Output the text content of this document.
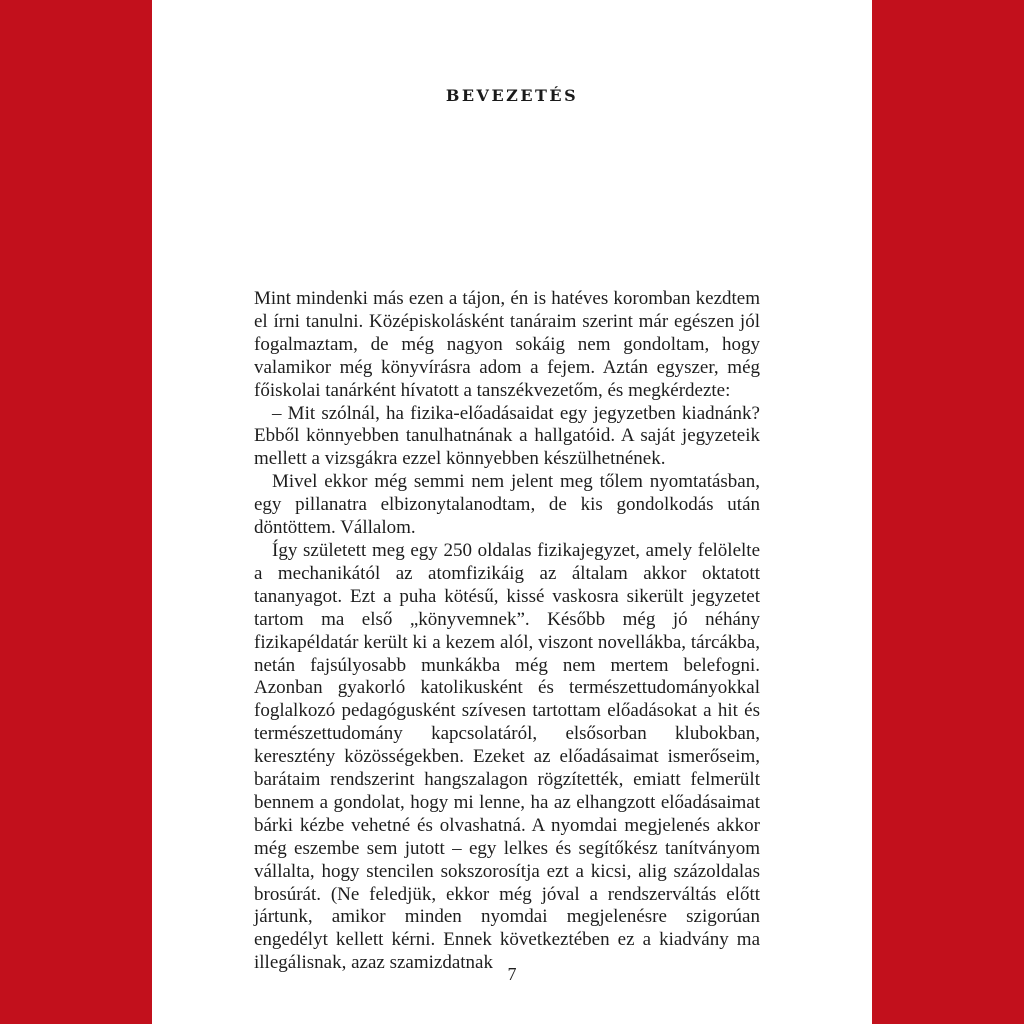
BEVEZETÉS

Mint mindenki más ezen a tájon, én is hatéves koromban kezdtem el írni tanulni. Középiskolásként tanáraim szerint már egészen jól fogalmaztam, de még nagyon sokáig nem gondoltam, hogy valamikor még könyvírásra adom a fejem. Aztán egyszer, még főiskolai tanárként hívatott a tanszékvezetőm, és megkérdezte:

– Mit szólnál, ha fizika-előadásaidat egy jegyzetben kiadnánk? Ebből könnyebben tanulhatnának a hallgatóid. A saját jegyzeteik mellett a vizsgákra ezzel könnyebben készülhetnének.

Mivel ekkor még semmi nem jelent meg tőlem nyomtatásban, egy pillanatra elbizonytalanodtam, de kis gondolkodás után döntöttem. Vállalom.

Így született meg egy 250 oldalas fizikajegyzet, amely felölelte a mechanikától az atomfizikáig az általam akkor oktatott tananyagot. Ezt a puha kötésű, kissé vaskosra sikerült jegyzetet tartom ma első „könyvemnek”. Később még jó néhány fizikapéldatár került ki a kezem alól, viszont novellákba, tárcákba, netán fajsúlyosabb munkákba még nem mertem belefogni. Azonban gyakorló katolikusként és természettudományokkal foglalkozó pedagógusként szívesen tartottam előadásokat a hit és természettudomány kapcsolatáról, elsősorban klubokban, keresztény közösségekben. Ezeket az előadásaimat ismerőseim, barátaim rendszerint hangszalagon rögzítették, emiatt felmerült bennem a gondolat, hogy mi lenne, ha az elhangzott előadásaimat bárki kézbe vehetné és olvashatná. A nyomdai megjelenés akkor még eszembe sem jutott – egy lelkes és segítőkész tanítványom vállalta, hogy stencilen sokszorosítja ezt a kicsi, alig százoldalas brosúrát. (Ne feledjük, ekkor még jóval a rendszerváltás előtt jártunk, amikor minden nyomdai megjelenésre szigorúan engedélyt kellett kérni. Ennek következtében ez a kiadvány ma illegálisnak, azaz szamizdatnak

7
